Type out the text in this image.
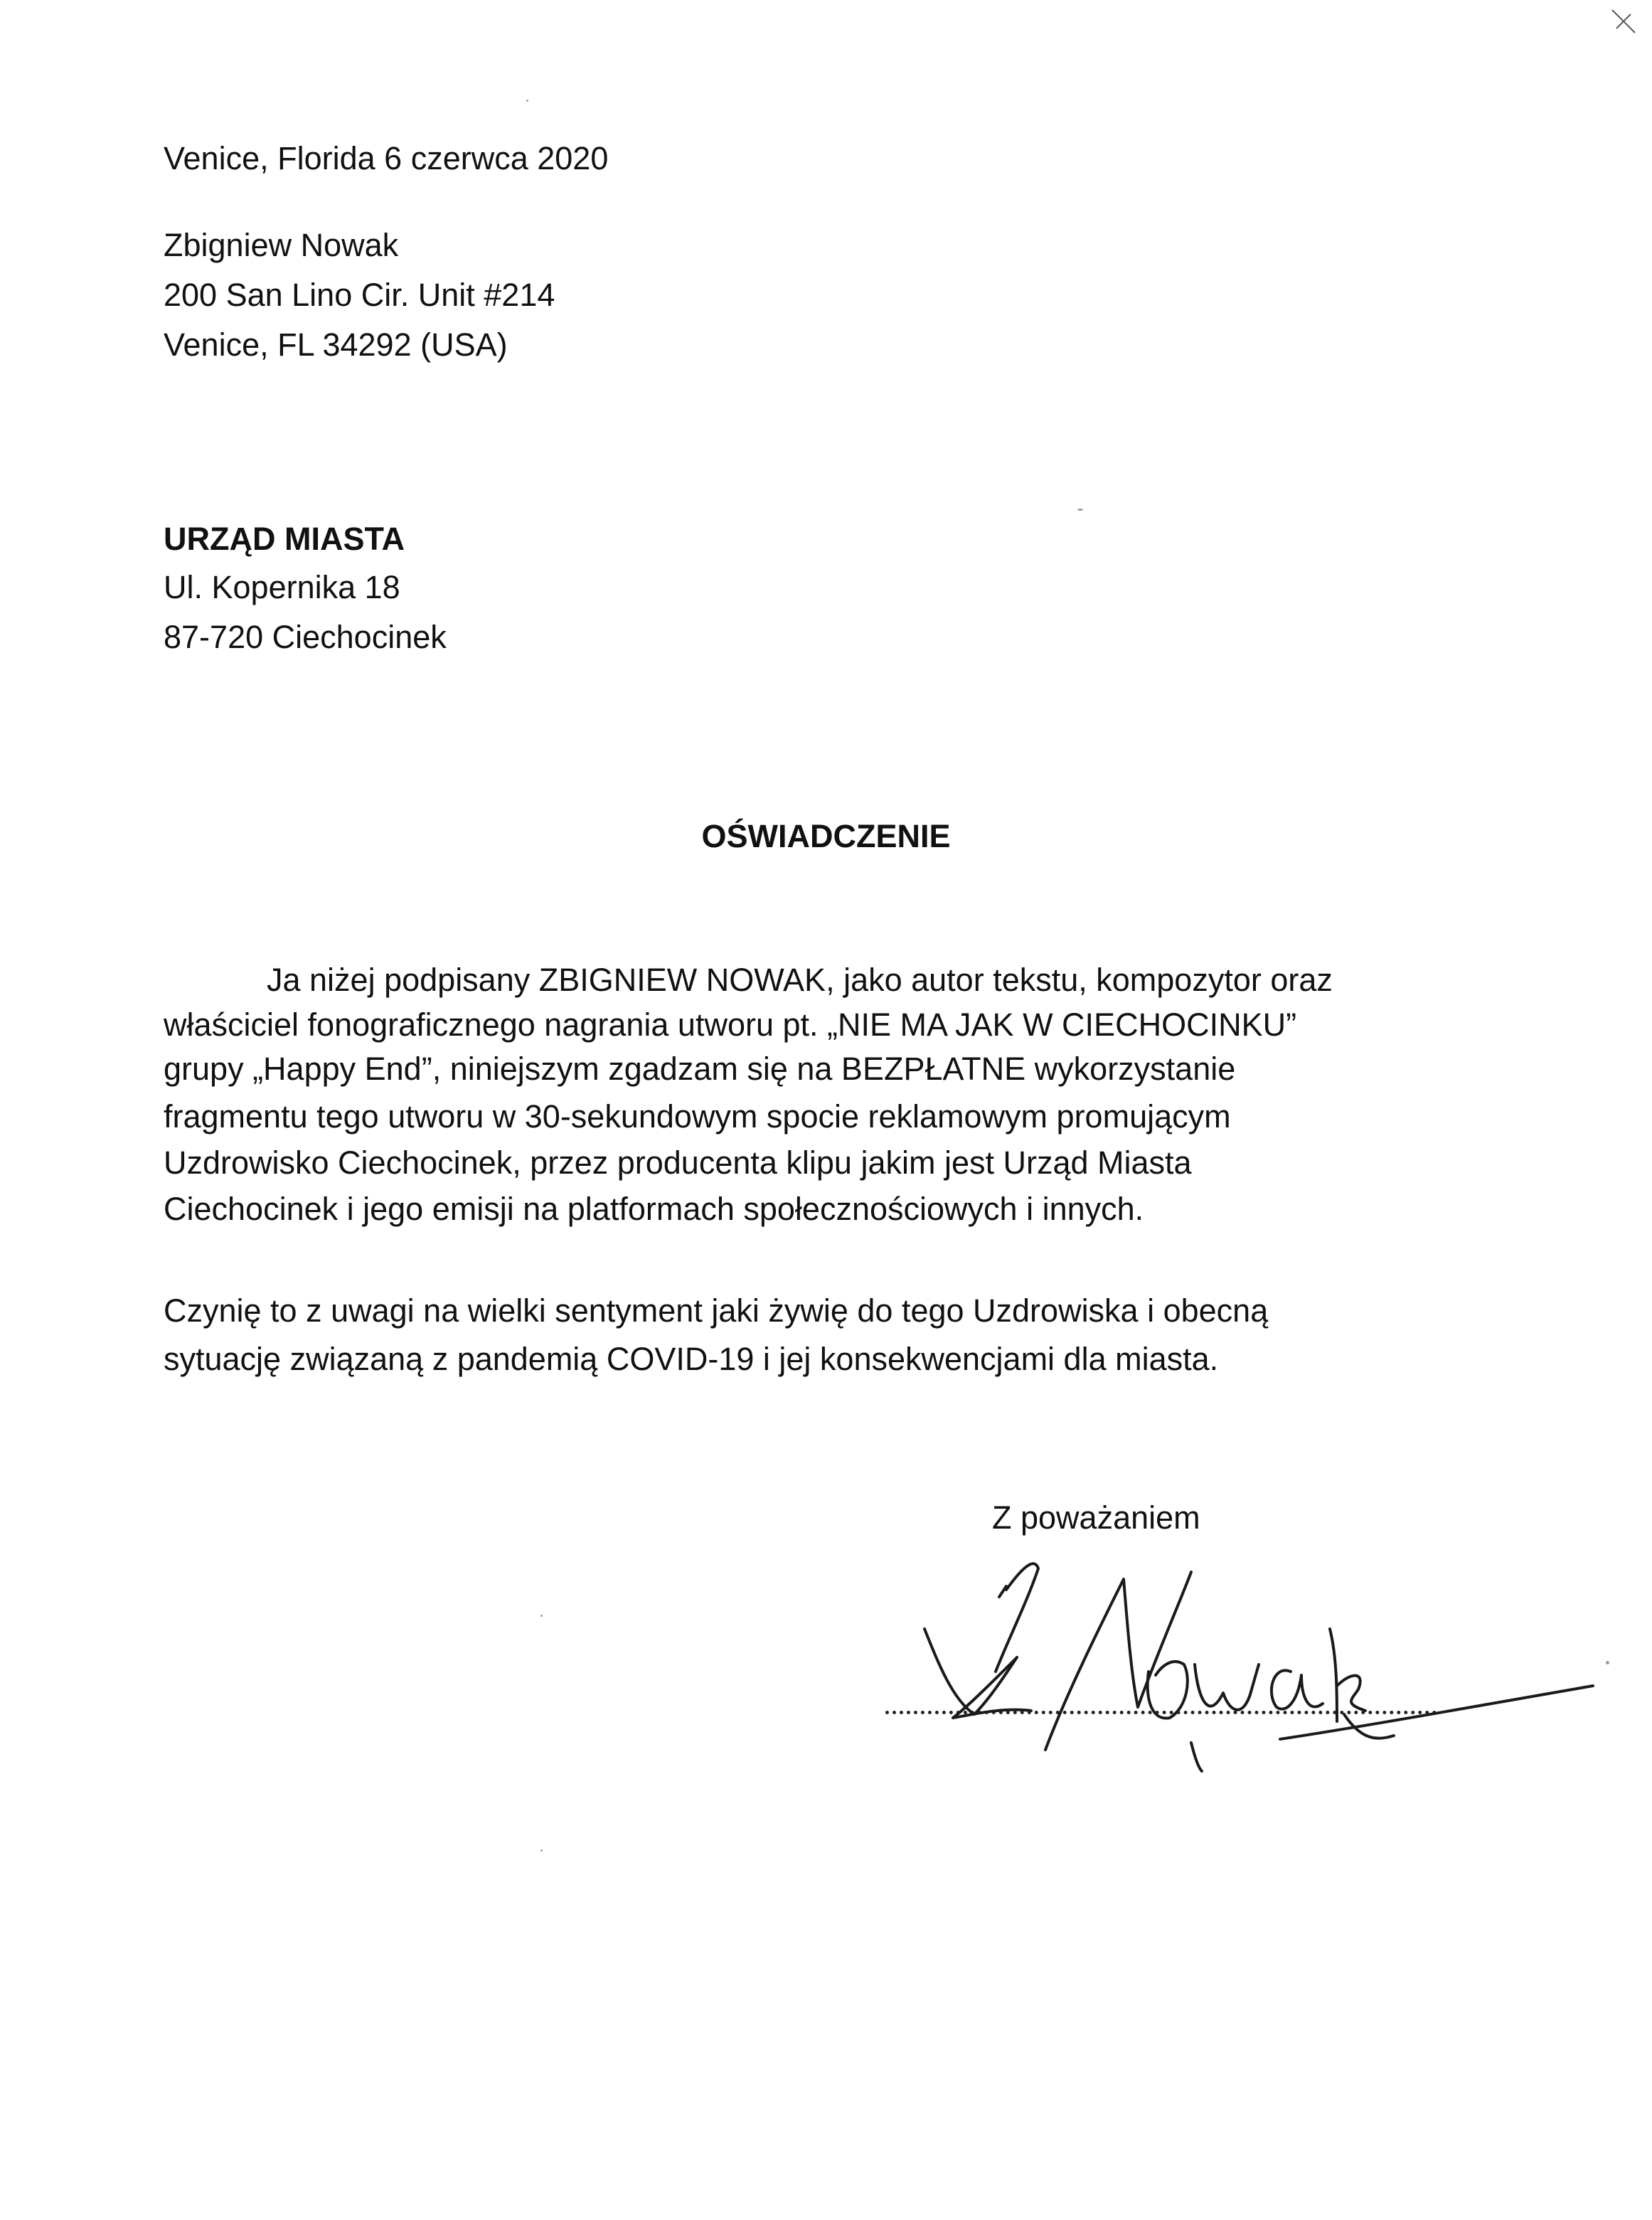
Venice, Florida 6 czerwca 2020
Zbigniew Nowak
200 San Lino Cir. Unit #214
Venice, FL 34292 (USA)
URZĄD MIASTA
Ul. Kopernika 18
87-720 Ciechocinek
OŚWIADCZENIE
Ja niżej podpisany ZBIGNIEW NOWAK, jako autor tekstu, kompozytor oraz
właściciel fonograficznego nagrania utworu pt. „NIE MA JAK W CIECHOCINKU”
grupy „Happy End”, niniejszym zgadzam się na BEZPŁATNE wykorzystanie
fragmentu tego utworu w 30-sekundowym spocie reklamowym promującym
Uzdrowisko Ciechocinek, przez producenta klipu jakim jest Urząd Miasta
Ciechocinek i jego emisji na platformach społecznościowych i innych.
Czynię to z uwagi na wielki sentyment jaki żywię do tego Uzdrowiska i obecną
sytuację związaną z pandemią COVID-19 i jej konsekwencjami dla miasta.
Z poważaniem
